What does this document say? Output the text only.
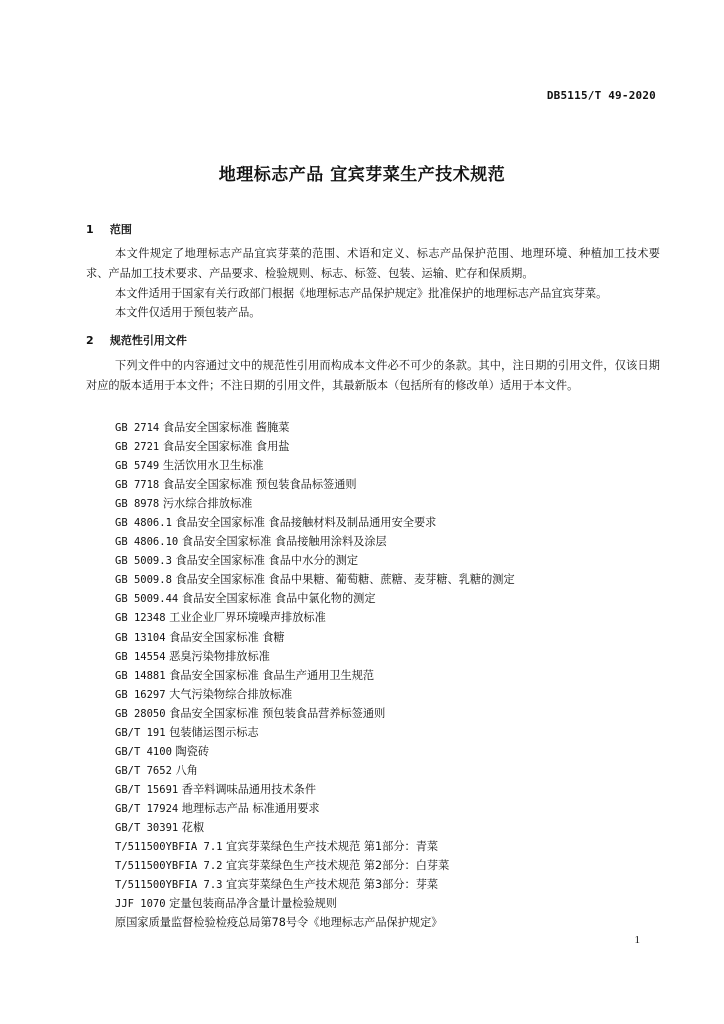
DB5115/T 49-2020
地理标志产品 宜宾芽菜生产技术规范
1 范围

本文件规定了地理标志产品宜宾芽菜的范围、术语和定义、标志产品保护范围、地理环境、种植加工技术要求、产品加工技术要求、产品要求、检验规则、标志、标签、包装、运输、贮存和保质期。

本文件适用于国家有关行政部门根据《地理标志产品保护规定》批准保护的地理标志产品宜宾芽菜。
本文件仅适用于预包装产品。
2 规范性引用文件

下列文件中的内容通过文中的规范性引用而构成本文件必不可少的条款。其中，注日期的引用文件，仅该日期对应的版本适用于本文件；不注日期的引用文件，其最新版本（包括所有的修改单）适用于本文件。

GB 2714 食品安全国家标准 酱腌菜
GB 2721 食品安全国家标准 食用盐
GB 5749 生活饮用水卫生标准
GB 7718 食品安全国家标准 预包装食品标签通则
GB 8978 污水综合排放标准
GB 4806.1 食品安全国家标准 食品接触材料及制品通用安全要求
GB 4806.10 食品安全国家标准 食品接触用涂料及涂层
GB 5009.3 食品安全国家标准 食品中水分的测定
GB 5009.8 食品安全国家标准 食品中果糖、葡萄糖、蔗糖、麦芽糖、乳糖的测定
GB 5009.44 食品安全国家标准 食品中氯化物的测定
GB 12348 工业企业厂界环境噪声排放标准
GB 13104 食品安全国家标准 食糖
GB 14554 恶臭污染物排放标准
GB 14881 食品安全国家标准 食品生产通用卫生规范
GB 16297 大气污染物综合排放标准
GB 28050 食品安全国家标准 预包装食品营养标签通则
GB/T 191 包装储运图示标志
GB/T 4100 陶瓷砖
GB/T 7652 八角
GB/T 15691 香辛料调味品通用技术条件
GB/T 17924 地理标志产品 标准通用要求
GB/T 30391 花椒
T/511500YBFIA 7.1 宜宾芽菜绿色生产技术规范 第1部分：青菜
T/511500YBFIA 7.2 宜宾芽菜绿色生产技术规范 第2部分：白芽菜
T/511500YBFIA 7.3 宜宾芽菜绿色生产技术规范 第3部分：芽菜
JJF 1070 定量包装商品净含量计量检验规则
原国家质量监督检验检疫总局第78号令《地理标志产品保护规定》
1
